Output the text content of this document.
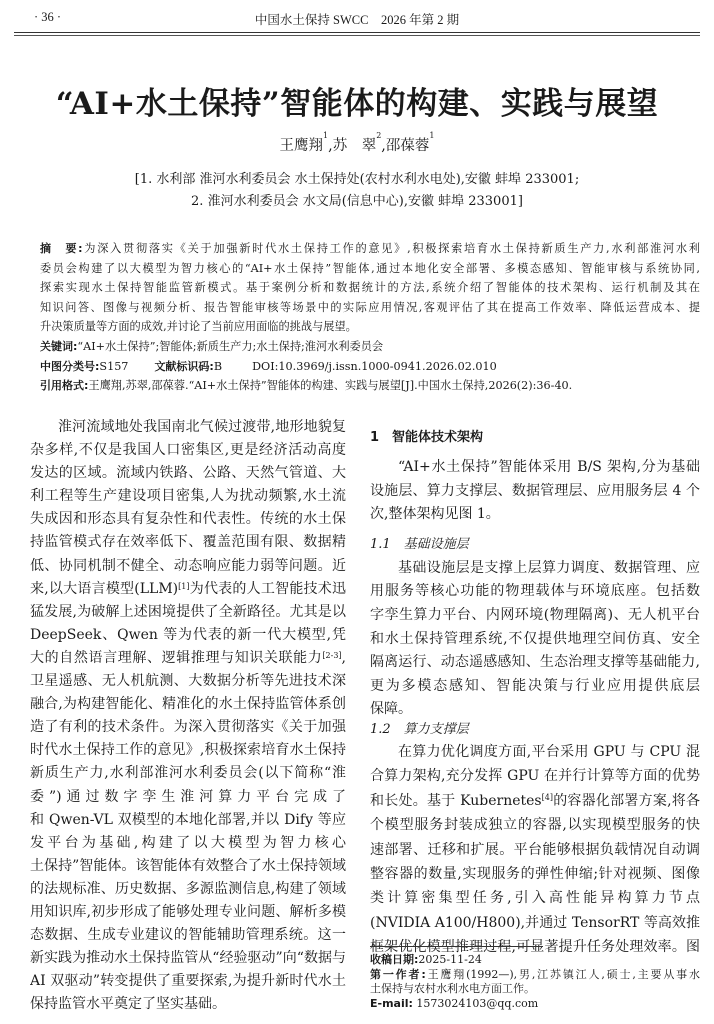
· 36 ·	中国水土保持 SWCC　2026 年第 2 期
“AI+水土保持”智能体的构建、实践与展望
王鹰翔$^1$,苏　翠$^2$,邵葆蓉$^1$
[1. 水利部 淮河水利委员会 水土保持处(农村水利水电处),安徽 蚌埠 233001;
2. 淮河水利委员会 水文局(信息中心),安徽 蚌埠 233001]
摘　要:为深入贯彻落实《关于加强新时代水土保持工作的意见》,积极探索培育水土保持新质生产力,水利部淮河水利
委员会构建了以大模型为智力核心的“AI+水土保持”智能体,通过本地化安全部署、多模态感知、智能审核与系统协同,
探索实现水土保持智能监管新模式。基于案例分析和数据统计的方法,系统介绍了智能体的技术架构、运行机制及其在
知识问答、图像与视频分析、报告智能审核等场景中的实际应用情况,客观评估了其在提高工作效率、降低运营成本、提
升决策质量等方面的成效,并讨论了当前应用面临的挑战与展望。
关键词:“AI+水土保持”;智能体;新质生产力;水土保持;淮河水利委员会
中图分类号:S157 文献标识码:B	DOI:10.3969/j.issn.1000-0941.2026.02.010
引用格式:王鹰翔,苏翠,邵葆蓉.“AI+水土保持”智能体的构建、实践与展望[J].中国水土保持,2026(2):36-40.
淮河流域地处我国南北气候过渡带,地形地貌复
杂多样,不仅是我国人口密集区,更是经济活动高度
发达的区域。流域内铁路、公路、天然气管道、大
利工程等生产建设项目密集,人为扰动频繁,水土流
失成因和形态具有复杂性和代表性。传统的水土保
持监管模式存在效率低下、覆盖范围有限、数据精
低、协同机制不健全、动态响应能力弱等问题。近
来,以大语言模型(LLM)[1]为代表的人工智能技术迅
猛发展,为破解上述困境提供了全新路径。尤其是以
DeepSeek、Qwen 等为代表的新一代大模型,凭
大的自然语言理解、逻辑推理与知识关联能力[2-3],
卫星遥感、无人机航测、大数据分析等先进技术深
融合,为构建智能化、精准化的水土保持监管体系创
造了有利的技术条件。为深入贯彻落实《关于加强
时代水土保持工作的意见》,积极探索培育水土保持
新质生产力,水利部淮河水利委员会(以下简称“淮
委”)通过数字孪生淮河算力平台完成了
和 Qwen-VL 双模型的本地化部署,并以 Dify 等应
发平台为基础,构建了以大模型为智力核心
土保持”智能体。该智能体有效整合了水土保持领域
的法规标准、历史数据、多源监测信息,构建了领域
用知识库,初步形成了能够处理专业问题、解析多模
态数据、生成专业建议的智能辅助管理系统。这一
新实践为推动水土保持监管从“经验驱动”向“数据与
AI 双驱动”转变提供了重要探索,为提升新时代水土
保持监管水平奠定了坚实基础。
1　智能体技术架构
“AI+水土保持”智能体采用 B/S 架构,分为基础
设施层、算力支撑层、数据管理层、应用服务层 4 个
次,整体架构见图 1。
1.1　基础设施层
基础设施层是支撑上层算力调度、数据管理、应
用服务等核心功能的物理载体与环境底座。包括数
字孪生算力平台、内网环境(物理隔离)、无人机平台
和水土保持管理系统,不仅提供地理空间仿真、安全
隔离运行、动态遥感感知、生态治理支撑等基础能力,
更为多模态感知、智能决策与行业应用提供底层
保障。
1.2　算力支撑层
在算力优化调度方面,平台采用 GPU 与 CPU 混
合算力架构,充分发挥 GPU 在并行计算等方面的优势
和长处。基于 Kubernetes[4]的容器化部署方案,将各
个模型服务封装成独立的容器,以实现模型服务的快
速部署、迁移和扩展。平台能够根据负载情况自动调
整容器的数量,实现服务的弹性伸缩;针对视频、图像
类计算密集型任务,引入高性能异构算力节点
(NVIDIA A100/H800),并通过 TensorRT 等高效推
框架优化模型推理过程,可显著提升任务处理效率。图
收稿日期:2025-11-24
第一作者:王鹰翔(1992—),男,江苏镇江人,硕士,主要从事水
土保持与农村水利水电方面工作。
E-mail: 1573024103@qq.com
